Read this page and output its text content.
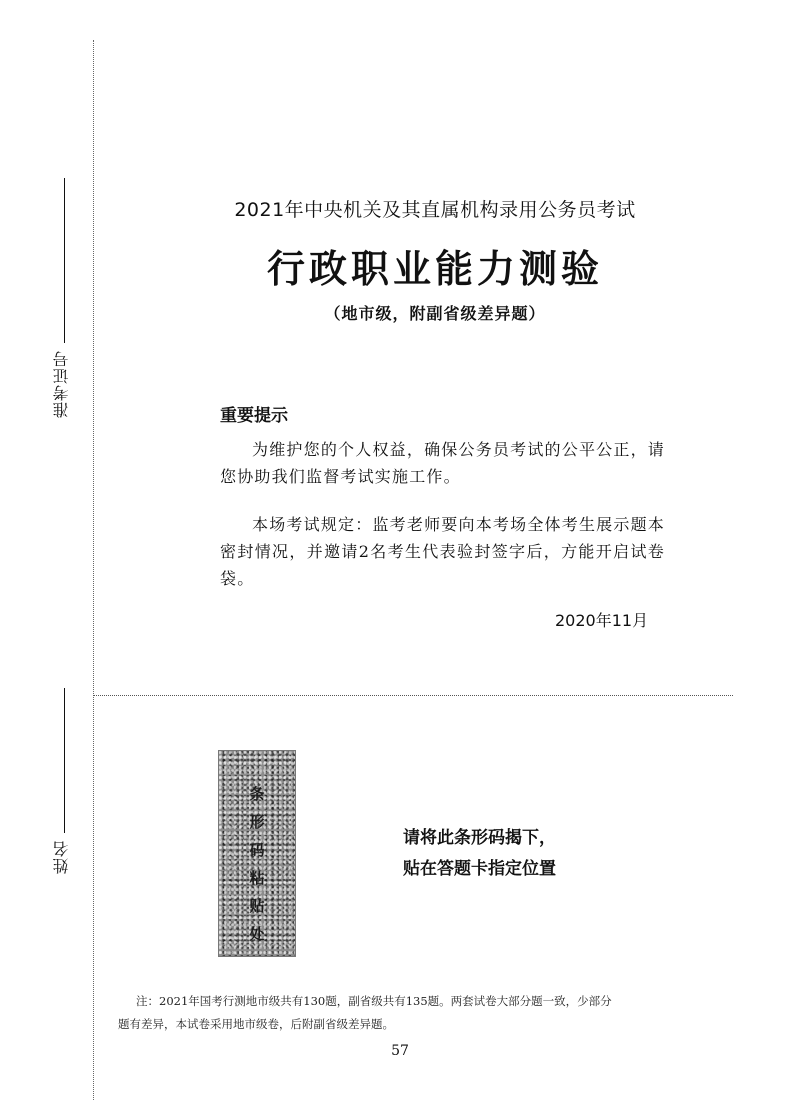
准考证号
姓名
2021年中央机关及其直属机构录用公务员考试
行政职业能力测验
（地市级，附副省级差异题）
重要提示
为维护您的个人权益，确保公务员考试的公平公正，请您协助我们监督考试实施工作。
本场考试规定：监考老师要向本考场全体考生展示题本密封情况，并邀请2名考生代表验封签字后，方能开启试卷袋。
2020年11月
条形码粘贴处	请将此条形码揭下，
贴在答题卡指定位置
注：2021年国考行测地市级共有130题，副省级共有135题。两套试卷大部分题一致，少部分
题有差异，本试卷采用地市级卷，后附副省级差异题。
57
